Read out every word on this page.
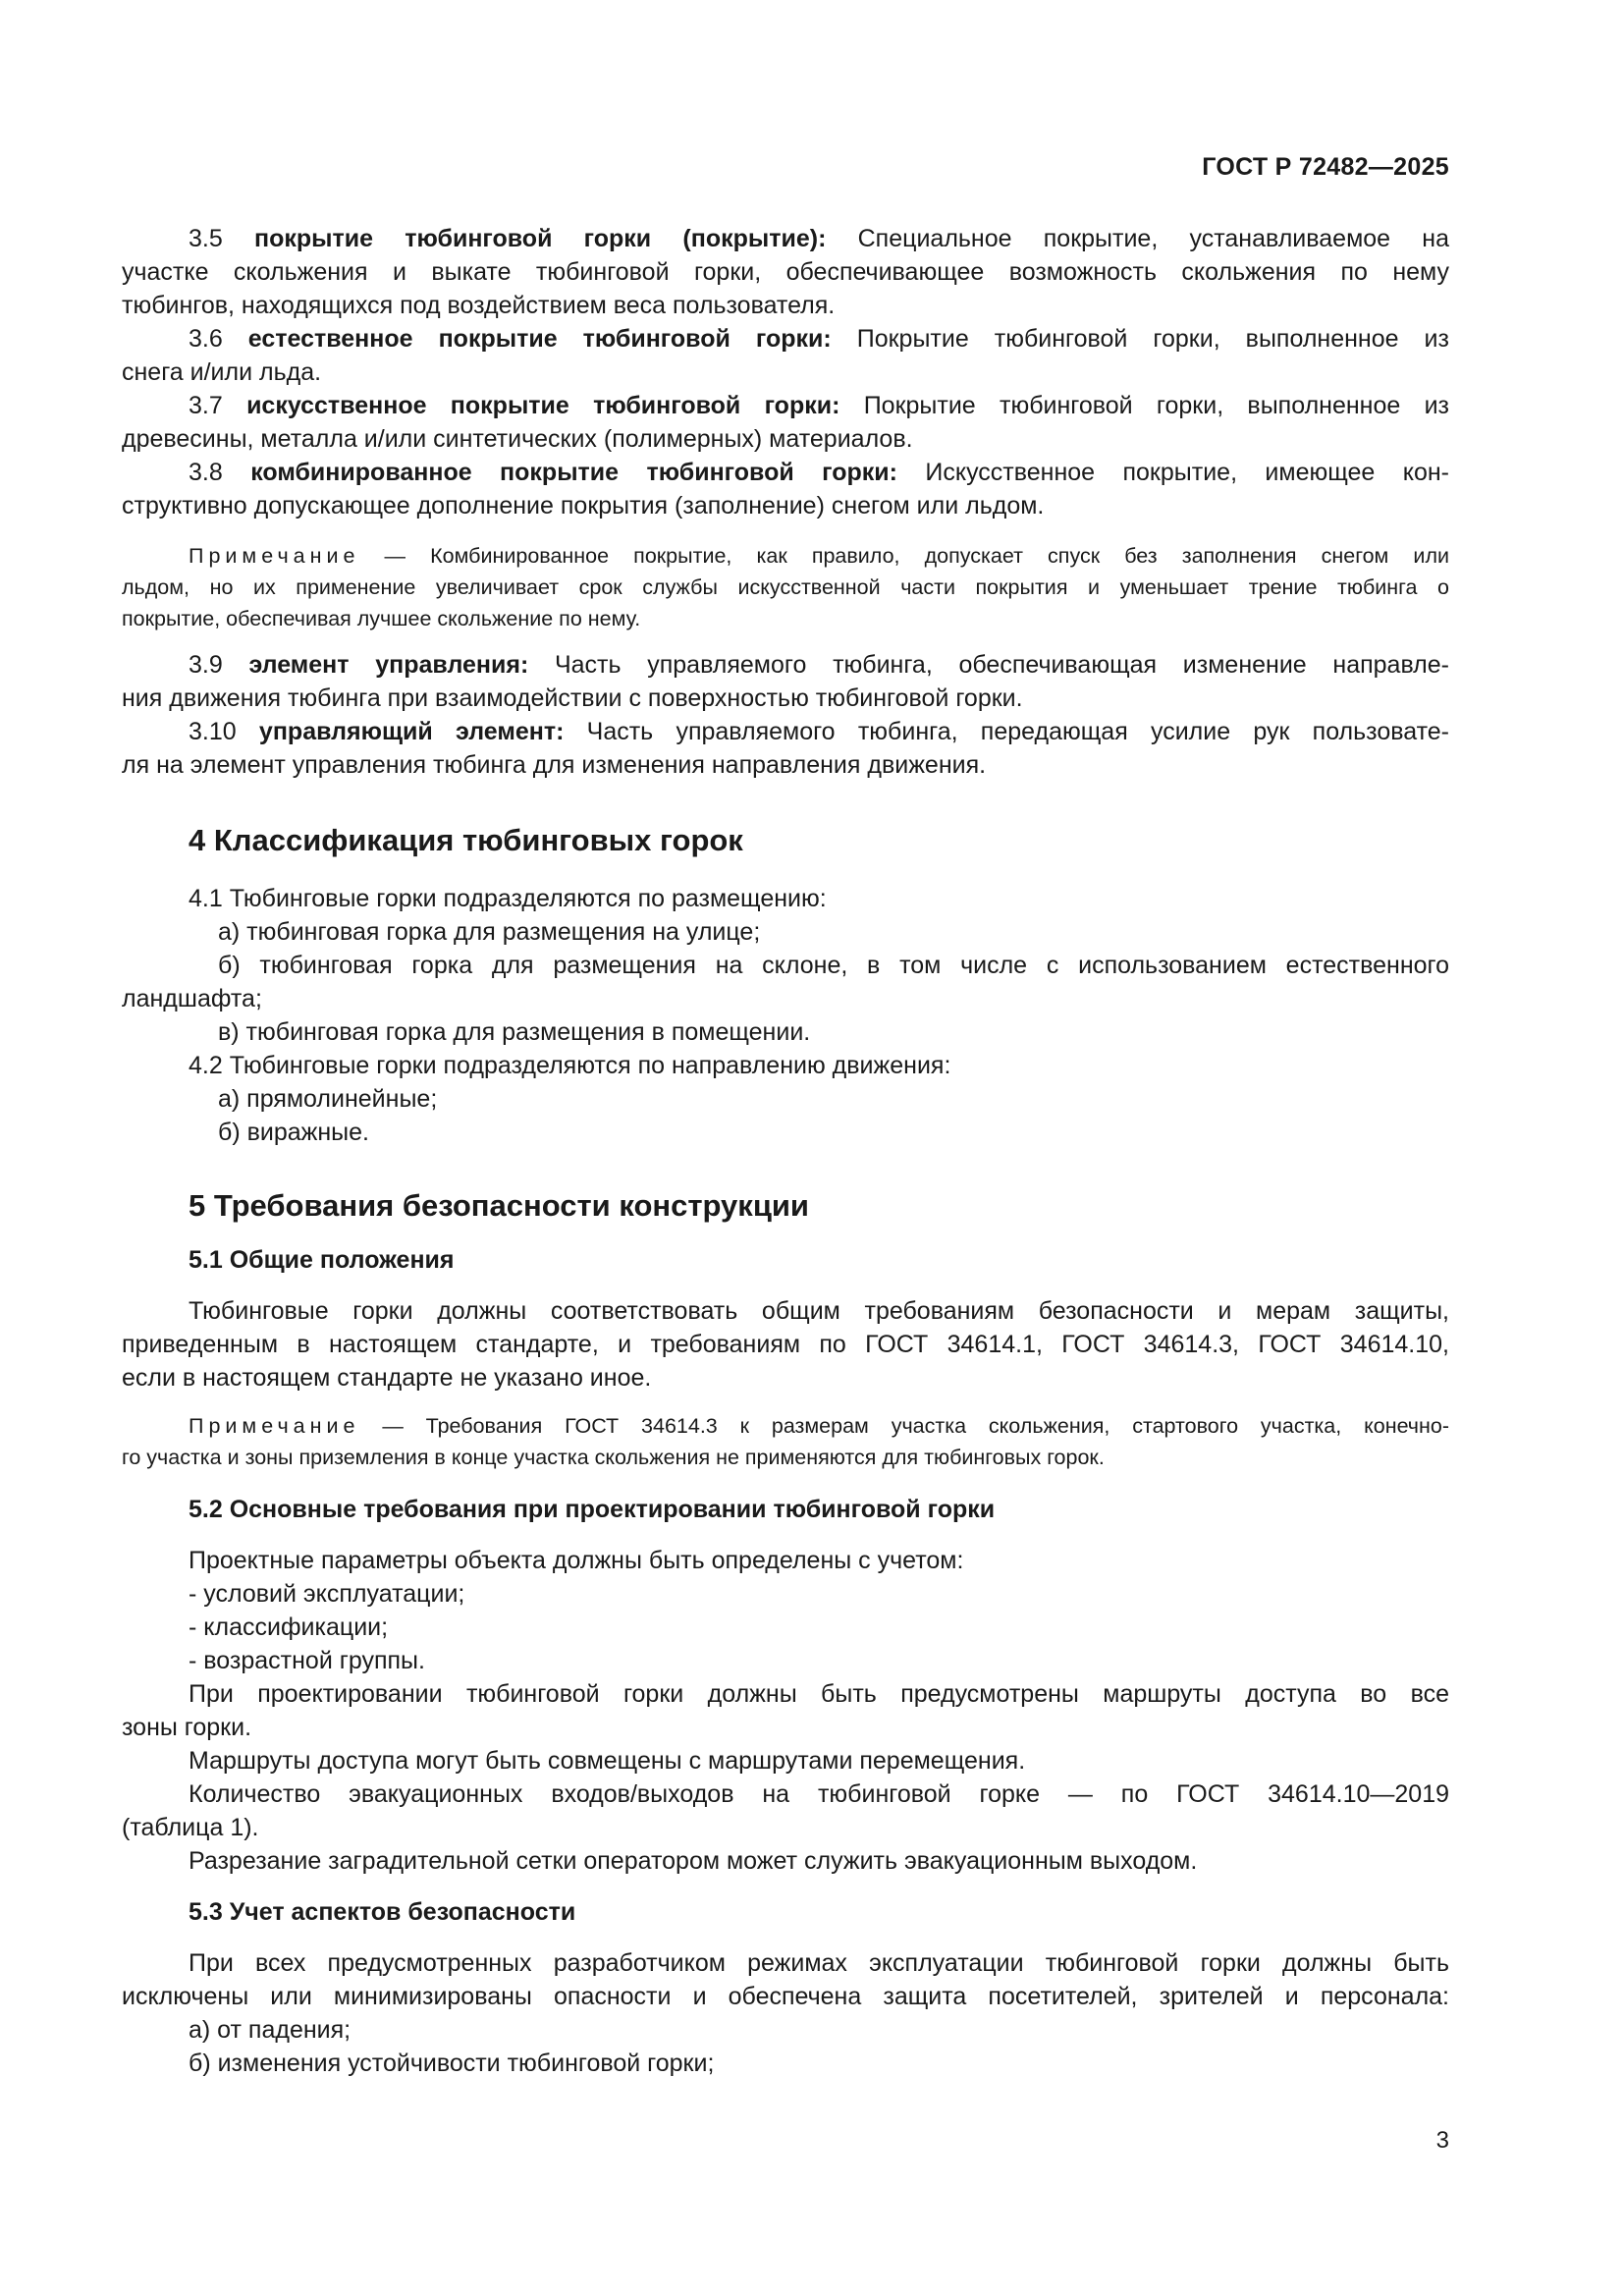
ГОСТ Р 72482—2025
3.5 покрытие тюбинговой горки (покрытие): Специальное покрытие, устанавливаемое на
участке скольжения и выкате тюбинговой горки, обеспечивающее возможность скольжения по нему
тюбингов, находящихся под воздействием веса пользователя.
3.6 естественное покрытие тюбинговой горки: Покрытие тюбинговой горки, выполненное из
снега и/или льда.
3.7 искусственное покрытие тюбинговой горки: Покрытие тюбинговой горки, выполненное из
древесины, металла и/или синтетических (полимерных) материалов.
3.8 комбинированное покрытие тюбинговой горки: Искусственное покрытие, имеющее кон-
структивно допускающее дополнение покрытия (заполнение) снегом или льдом.
Примечание — Комбинированное покрытие, как правило, допускает спуск без заполнения снегом или
льдом, но их применение увеличивает срок службы искусственной части покрытия и уменьшает трение тюбинга о
покрытие, обеспечивая лучшее скольжение по нему.
3.9 элемент управления: Часть управляемого тюбинга, обеспечивающая изменение направле-
ния движения тюбинга при взаимодействии с поверхностью тюбинговой горки.
3.10 управляющий элемент: Часть управляемого тюбинга, передающая усилие рук пользовате-
ля на элемент управления тюбинга для изменения направления движения.
4 Классификация тюбинговых горок
4.1 Тюбинговые горки подразделяются по размещению:
а) тюбинговая горка для размещения на улице;
б) тюбинговая горка для размещения на склоне, в том числе с использованием естественного
ландшафта;
в) тюбинговая горка для размещения в помещении.
4.2 Тюбинговые горки подразделяются по направлению движения:
а) прямолинейные;
б) виражные.
5 Требования безопасности конструкции
5.1 Общие положения
Тюбинговые горки должны соответствовать общим требованиям безопасности и мерам защиты,
приведенным в настоящем стандарте, и требованиям по ГОСТ 34614.1, ГОСТ 34614.3, ГОСТ 34614.10,
если в настоящем стандарте не указано иное.
Примечание — Требования ГОСТ 34614.3 к размерам участка скольжения, стартового участка, конечно-
го участка и зоны приземления в конце участка скольжения не применяются для тюбинговых горок.
5.2 Основные требования при проектировании тюбинговой горки
Проектные параметры объекта должны быть определены с учетом:
- условий эксплуатации;
- классификации;
- возрастной группы.
При проектировании тюбинговой горки должны быть предусмотрены маршруты доступа во все
зоны горки.
Маршруты доступа могут быть совмещены с маршрутами перемещения.
Количество эвакуационных входов/выходов на тюбинговой горке — по ГОСТ 34614.10—2019
(таблица 1).
Разрезание заградительной сетки оператором может служить эвакуационным выходом.
5.3 Учет аспектов безопасности
При всех предусмотренных разработчиком режимах эксплуатации тюбинговой горки должны быть
исключены или минимизированы опасности и обеспечена защита посетителей, зрителей и персонала:
а) от падения;
б) изменения устойчивости тюбинговой горки;
3
